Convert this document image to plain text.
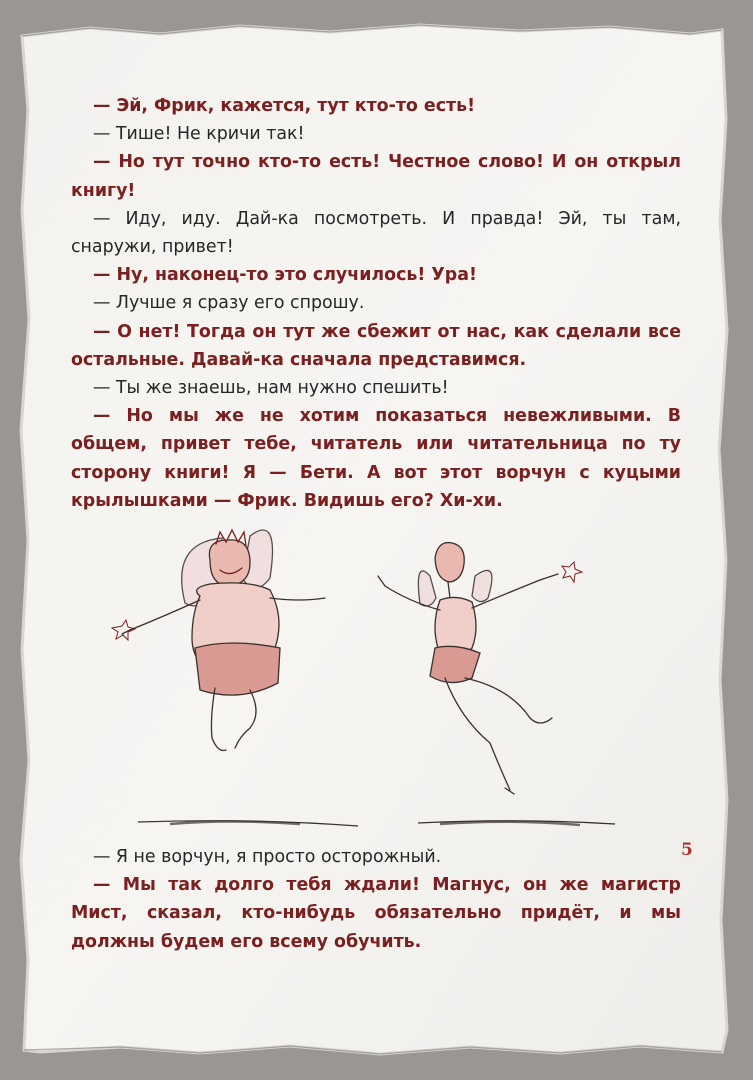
— Эй, Фрик, кажется, тут кто-то есть!

— Тише! Не кричи так!

— Но тут точно кто-то есть! Честное слово! И он открыл книгу!

— Иду, иду. Дай-ка посмотреть. И правда! Эй, ты там, снаружи, привет!

— Ну, наконец-то это случилось! Ура!

— Лучше я сразу его спрошу.

— О нет! Тогда он тут же сбежит от нас, как сделали все остальные. Давай-ка сначала представимся.

— Ты же знаешь, нам нужно спешить!

— Но мы же не хотим показаться невежливыми. В общем, привет тебе, читатель или читательница по ту сторону книги! Я — Бети. А вот этот ворчун с куцыми крылышками — Фрик. Видишь его? Хи-хи.

— Я не ворчун, я просто осторожный.

— Мы так долго тебя ждали! Магнус, он же магистр Мист, сказал, кто-нибудь обязательно придёт, и мы должны будем его всему обучить.

5
